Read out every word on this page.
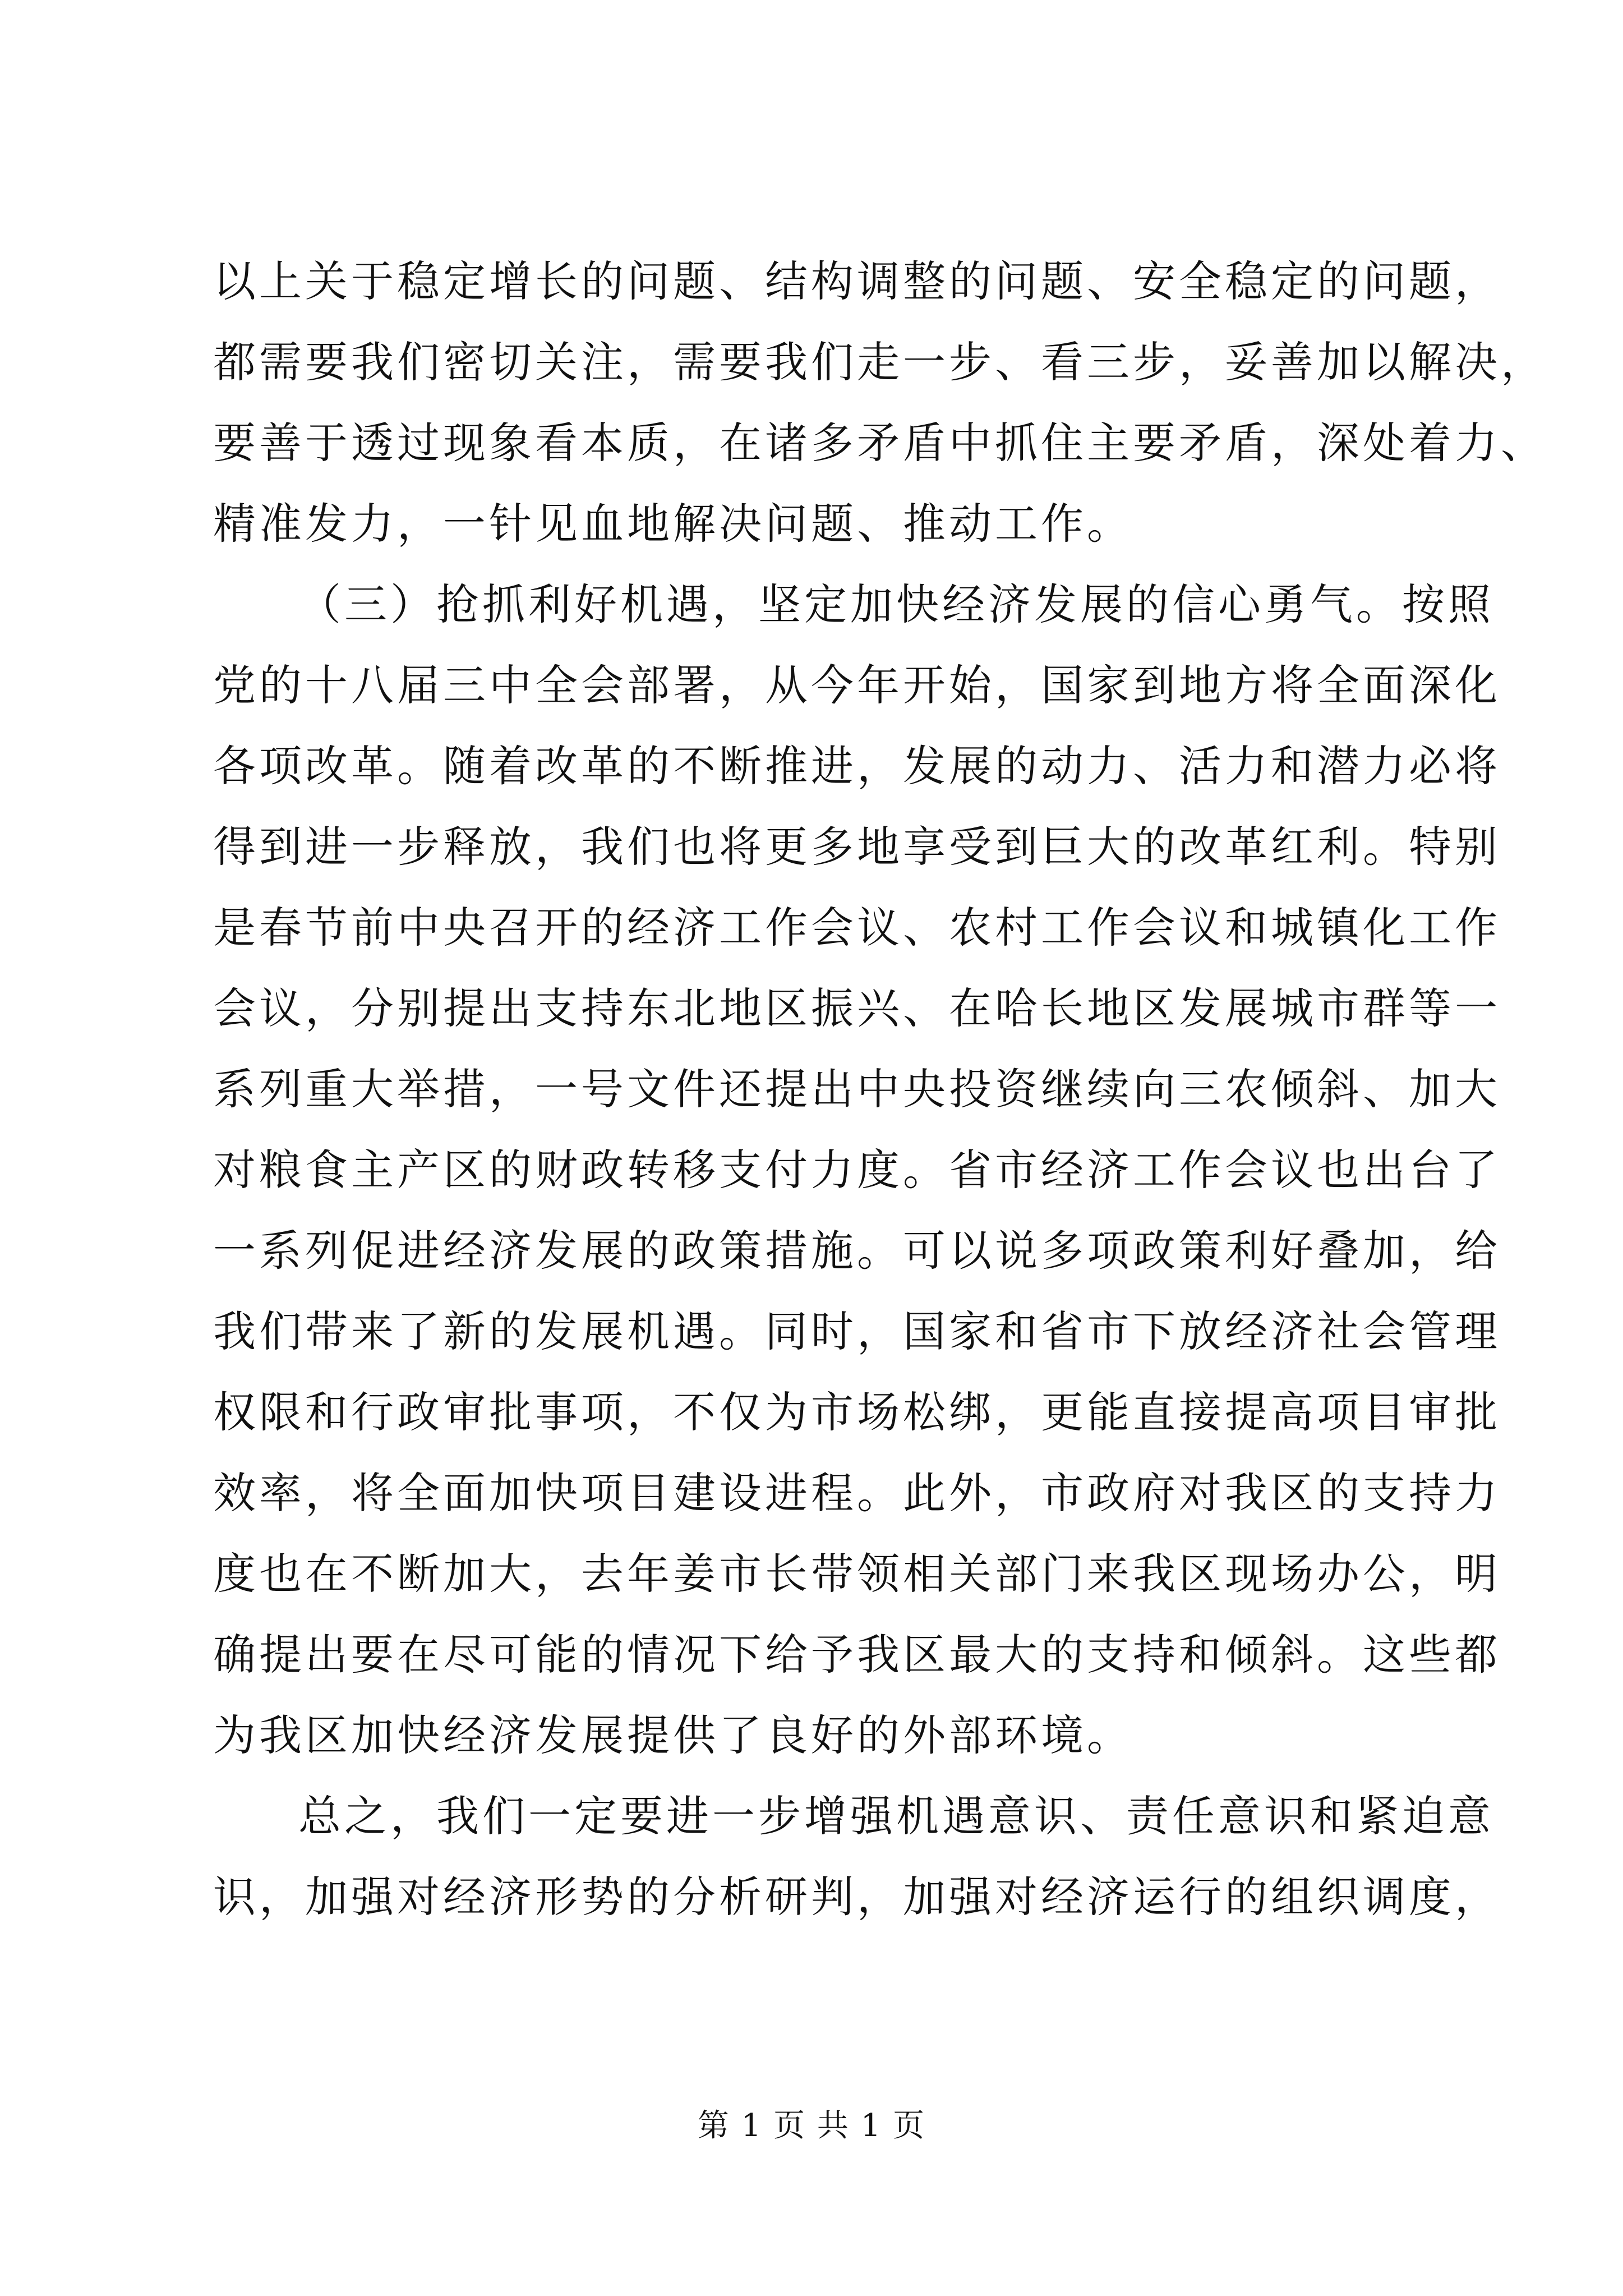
以上关于稳定增长的问题、结构调整的问题、安全稳定的问题，
都需要我们密切关注，需要我们走一步、看三步，妥善加以解决，
要善于透过现象看本质，在诸多矛盾中抓住主要矛盾，深处着力、
精准发力，一针见血地解决问题、推动工作。
（三）抢抓利好机遇，坚定加快经济发展的信心勇气。按照
党的十八届三中全会部署，从今年开始，国家到地方将全面深化
各项改革。随着改革的不断推进，发展的动力、活力和潜力必将
得到进一步释放，我们也将更多地享受到巨大的改革红利。特别
是春节前中央召开的经济工作会议、农村工作会议和城镇化工作
会议，分别提出支持东北地区振兴、在哈长地区发展城市群等一
系列重大举措，一号文件还提出中央投资继续向三农倾斜、加大
对粮食主产区的财政转移支付力度。省市经济工作会议也出台了
一系列促进经济发展的政策措施。可以说多项政策利好叠加，给
我们带来了新的发展机遇。同时，国家和省市下放经济社会管理
权限和行政审批事项，不仅为市场松绑，更能直接提高项目审批
效率，将全面加快项目建设进程。此外，市政府对我区的支持力
度也在不断加大，去年姜市长带领相关部门来我区现场办公，明
确提出要在尽可能的情况下给予我区最大的支持和倾斜。这些都
为我区加快经济发展提供了良好的外部环境。
总之，我们一定要进一步增强机遇意识、责任意识和紧迫意
识，加强对经济形势的分析研判，加强对经济运行的组织调度，
第 1 页 共 1 页
